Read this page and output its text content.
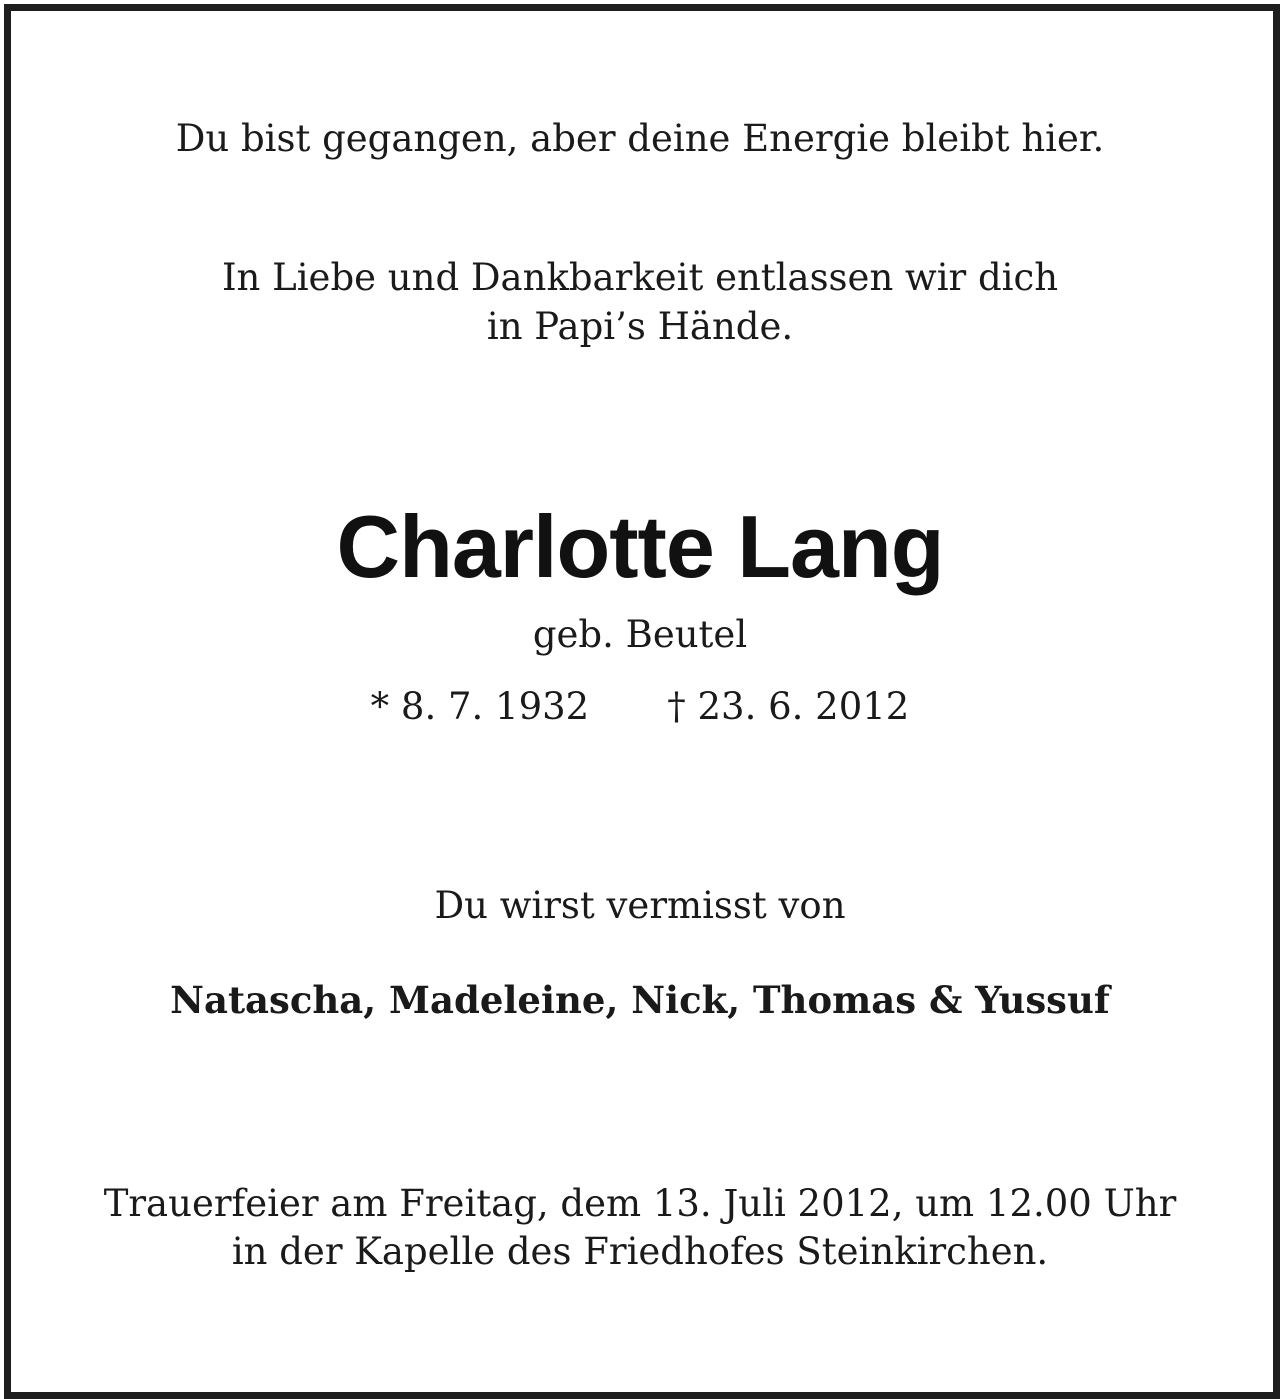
Du bist gegangen, aber deine Energie bleibt hier.
In Liebe und Dankbarkeit entlassen wir dich
in Papi’s Hände.
Charlotte Lang
geb. Beutel
* 8. 7. 1932 † 23. 6. 2012
Du wirst vermisst von
Natascha, Madeleine, Nick, Thomas & Yussuf
Trauerfeier am Freitag, dem 13. Juli 2012, um 12.00 Uhr
in der Kapelle des Friedhofes Steinkirchen.
